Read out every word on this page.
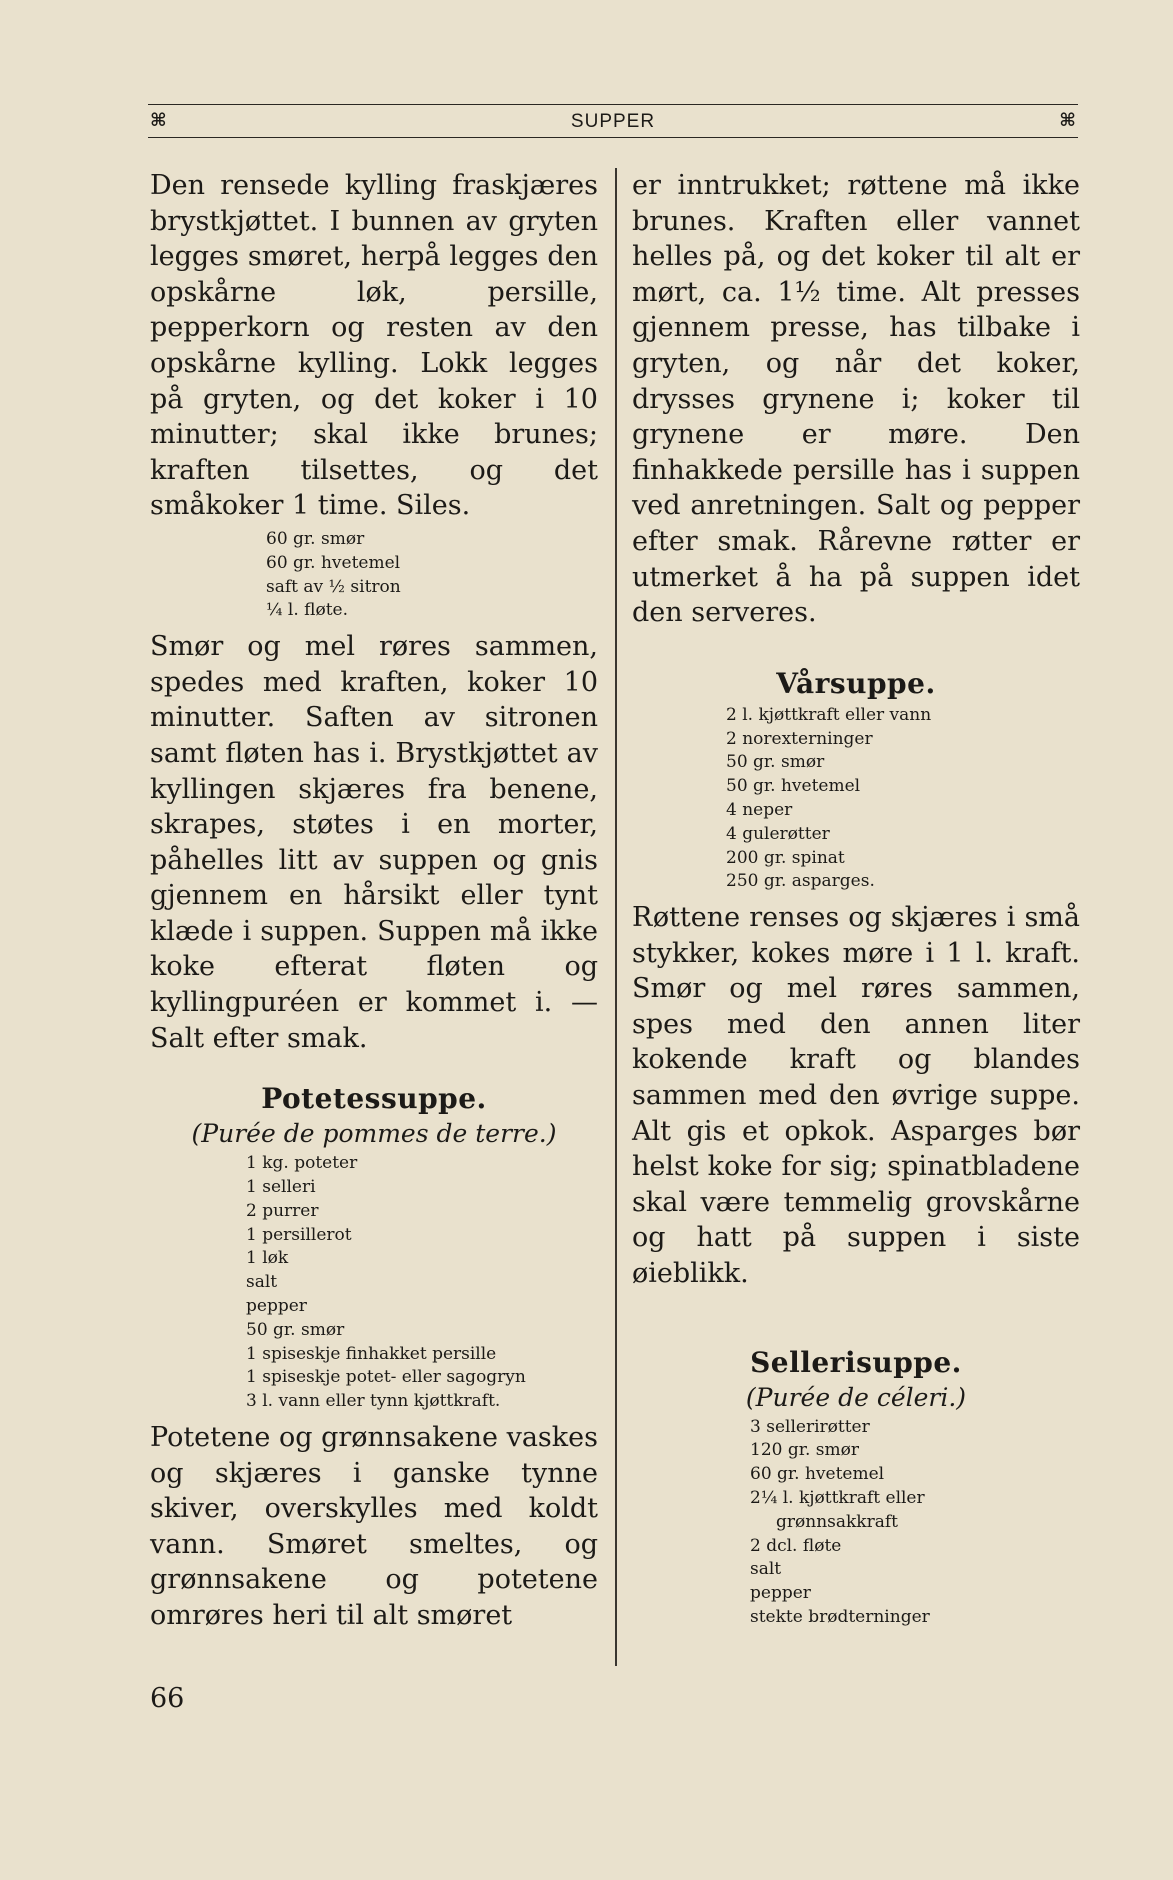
⌘	SUPPER	⌘

Den rensede kylling fraskjæres brystkjøttet. I bunnen av gryten legges smøret, herpå legges den opskårne løk, persille, pepperkorn og resten av den opskårne kylling. Lokk legges på gryten, og det koker i 10 minutter; skal ikke brunes; kraften tilsettes, og det småkoker 1 time. Siles.

60 gr. smør
60 gr. hvetemel
saft av ½ sitron
¼ l. fløte.

Smør og mel røres sammen, spedes med kraften, koker 10 minutter. Saften av sitronen samt fløten has i. Brystkjøttet av kyllingen skjæres fra benene, skrapes, støtes i en morter, påhelles litt av suppen og gnis gjennem en hårsikt eller tynt klæde i suppen. Suppen må ikke koke efterat fløten og kyllingpuréen er kommet i. — Salt efter smak.

Potetessuppe.
(Purée de pommes de terre.)
1 kg. poteter
1 selleri
2 purrer
1 persillerot
1 løk
salt
pepper
50 gr. smør
1 spiseskje finhakket persille
1 spiseskje potet- eller sagogryn
3 l. vann eller tynn kjøttkraft.

Potetene og grønnsakene vaskes og skjæres i ganske tynne skiver, overskylles med koldt vann. Smøret smeltes, og grønnsakene og potetene omrøres heri til alt smøret

er inntrukket; røttene må ikke brunes. Kraften eller vannet helles på, og det koker til alt er mørt, ca. 1½ time. Alt presses gjennem presse, has tilbake i gryten, og når det koker, drysses grynene i; koker til grynene er møre. Den finhakkede persille has i suppen ved anretningen. Salt og pepper efter smak. Rårevne røtter er utmerket å ha på suppen idet den serveres.

Vårsuppe.
2 l. kjøttkraft eller vann
2 norexterninger
50 gr. smør
50 gr. hvetemel
4 neper
4 gulerøtter
200 gr. spinat
250 gr. asparges.

Røttene renses og skjæres i små stykker, kokes møre i 1 l. kraft. Smør og mel røres sammen, spes med den annen liter kokende kraft og blandes sammen med den øvrige suppe. Alt gis et opkok. Asparges bør helst koke for sig; spinatbladene skal være temmelig grovskårne og hatt på suppen i siste øieblikk.

Sellerisuppe.
(Purée de céleri.)
3 sellerirøtter
120 gr. smør
60 gr. hvetemel
2¼ l. kjøttkraft eller
grønnsakkraft
2 dcl. fløte
salt
pepper
stekte brødterninger
66
